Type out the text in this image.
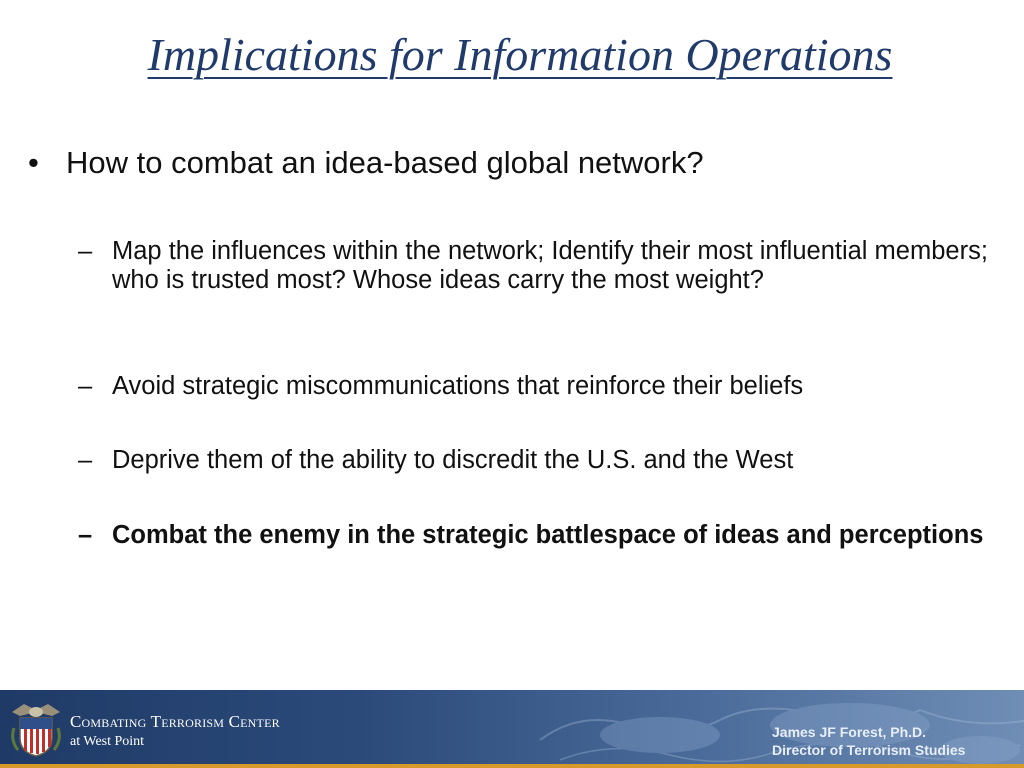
Implications for Information Operations
• How to combat an idea-based global network?
– Map the influences within the network; Identify their most influential members; who is trusted most? Whose ideas carry the most weight?
– Avoid strategic miscommunications that reinforce their beliefs
– Deprive them of the ability to discredit the U.S. and the West
– Combat the enemy in the strategic battlespace of ideas and perceptions
Combating Terrorism Center
at West Point
James JF Forest, Ph.D.
Director of Terrorism Studies
